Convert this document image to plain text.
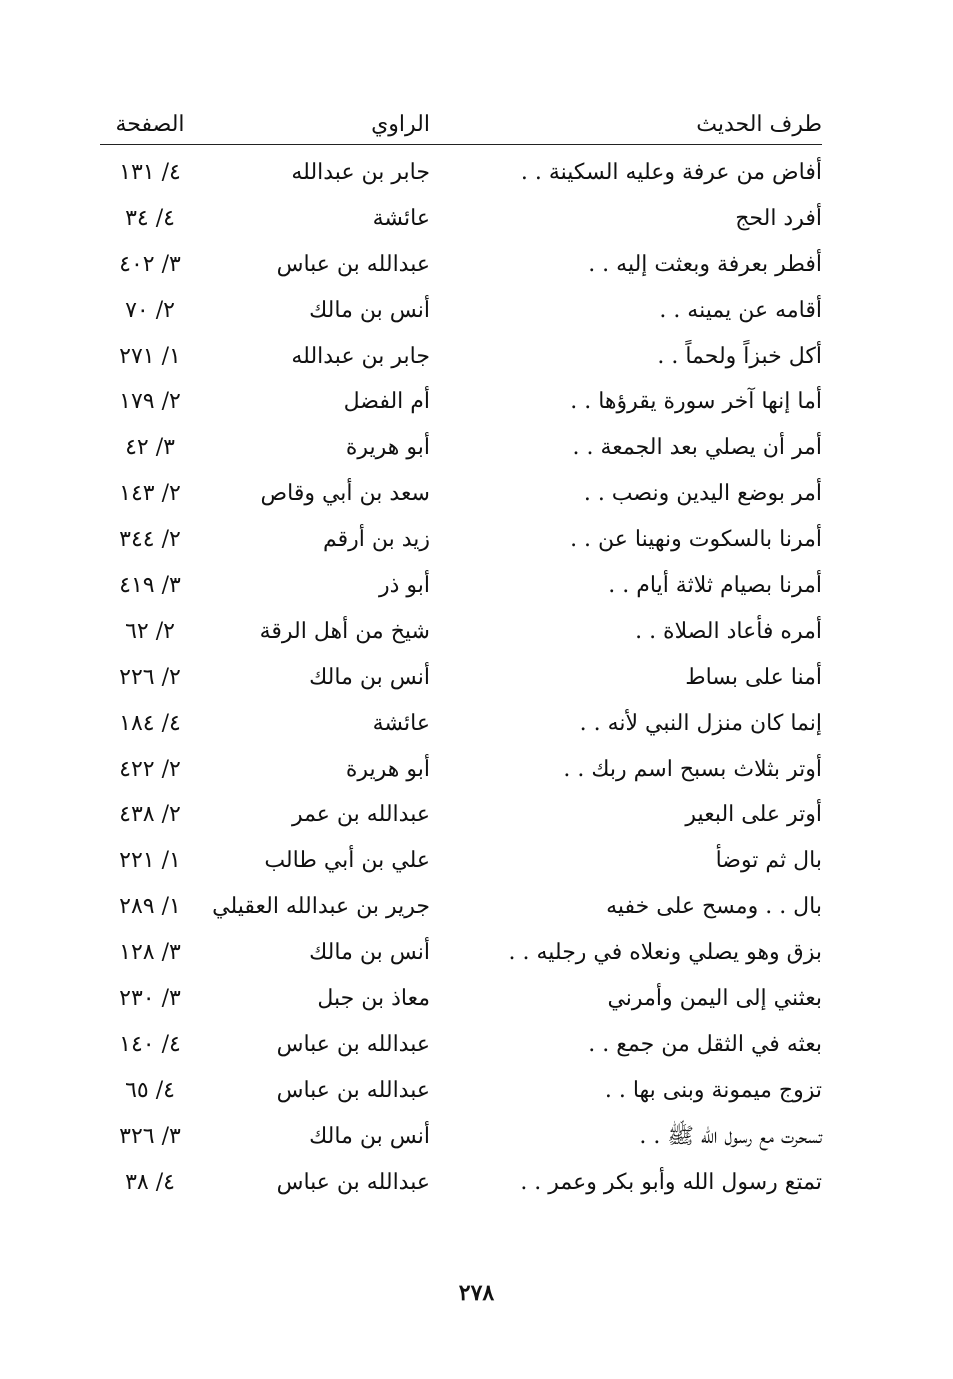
طرف الحديث
الراوي
الصفحة
أفاض من عرفة وعليه السكينة . .
جابر بن عبدالله
٤/ ١٣١
أفرد الحج
عائشة
٤/ ٣٤
أفطر بعرفة وبعثت إليه . .
عبدالله بن عباس
٣/ ٤٠٢
أقامه عن يمينه . .
أنس بن مالك
٢/ ٧٠
أكل خبزاً ولحماً . .
جابر بن عبدالله
١/ ٢٧١
أما إنها آخر سورة يقرؤها . .
أم الفضل
٢/ ١٧٩
أمر أن يصلي بعد الجمعة . .
أبو هريرة
٣/ ٤٢
أمر بوضع اليدين ونصب . .
سعد بن أبي وقاص
٢/ ١٤٣
أمرنا بالسكوت ونهينا عن . .
زيد بن أرقم
٢/ ٣٤٤
أمرنا بصيام ثلاثة أيام . .
أبو ذر
٣/ ٤١٩
أمره فأعاد الصلاة . .
شيخ من أهل الرقة
٢/ ٦٢
أمنا على بساط
أنس بن مالك
٢/ ٢٢٦
إنما كان منزل النبي لأنه . .
عائشة
٤/ ١٨٤
أوتر بثلاث بسبح اسم ربك . .
أبو هريرة
٢/ ٤٢٢
أوتر على البعير
عبدالله بن عمر
٢/ ٤٣٨
بال ثم توضأ
علي بن أبي طالب
١/ ٢٢١
بال . . ومسح على خفيه
جرير بن عبدالله العقيلي
١/ ٢٨٩
بزق وهو يصلي ونعلاه في رجليه . .
أنس بن مالك
٣/ ١٢٨
بعثني إلى اليمن وأمرني
معاذ بن جبل
٣/ ٢٣٠
بعثه في الثقل من جمع . .
عبدالله بن عباس
٤/ ١٤٠
تزوج ميمونة وبنى بها . .
عبدالله بن عباس
٤/ ٦٥
تسحرت مع رسول الله ﷺ . .
أنس بن مالك
٣/ ٣٢٦
تمتع رسول الله وأبو بكر وعمر . .
عبدالله بن عباس
٤/ ٣٨
٢٧٨
